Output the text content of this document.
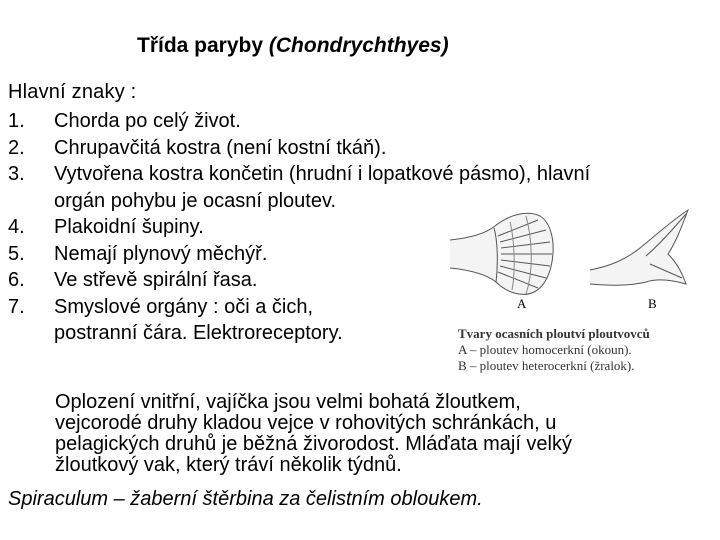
Třída paryby (Chondrychthyes)
Hlavní znaky :
1.	Chorda po celý život.
2.	Chrupavčitá kostra (není kostní tkáň).
3.	Vytvořena kostra končetin (hrudní i lopatkové pásmo), hlavní
orgán pohybu je ocasní ploutev.
4.	Plakoidní šupiny.
5.	Nemají plynový měchýř.
6.	Ve střevě spirální řasa.
7.	Smyslové orgány : oči a čich,
postranní čára. Elektroreceptory.
A	B
Tvary ocasních ploutví ploutvovců
A – ploutev homocerkní (okoun).
B – ploutev heterocerkní (žralok).
Oplození vnitřní, vajíčka jsou velmi bohatá žloutkem,
vejcorodé druhy kladou vejce v rohovitých schránkách, u
pelagických druhů je běžná živorodost. Mláďata mají velký
žloutkový vak, který tráví několik týdnů.
Spiraculum – žaberní štěrbina za čelistním obloukem.
